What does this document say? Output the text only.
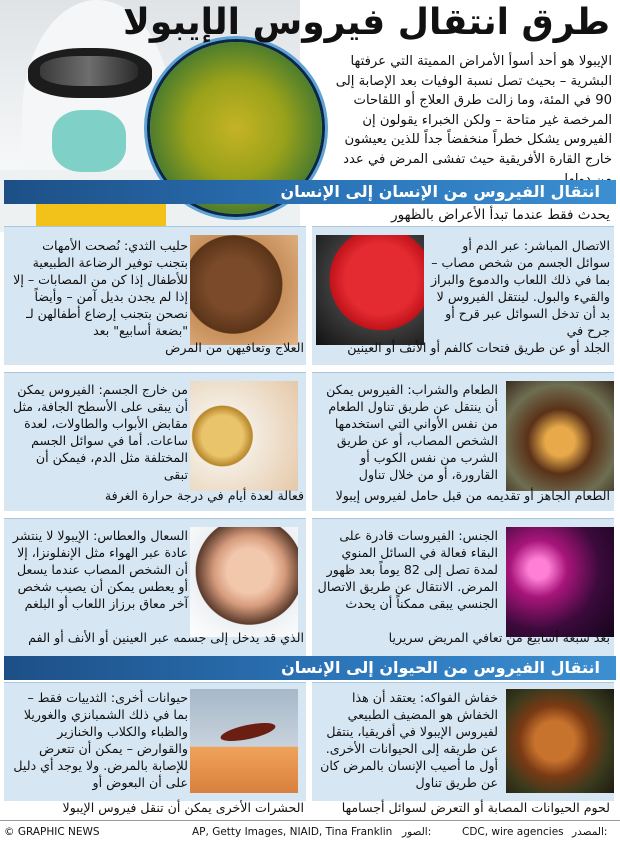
طرق انتقال فيروس الإيبولا
الإيبولا هو أحد أسوأ الأمراض المميتة التي عرفتها البشرية – بحيث تصل نسبة الوفيات بعد الإصابة إلى 90 في المئة، وما زالت طرق العلاج أو اللقاحات المرخصة غير متاحة – ولكن الخبراء يقولون إن الفيروس يشكل خطراً منخفضاً جداً للذين يعيشون خارج القارة الأفريقية حيث تفشى المرض في عدد
انتقال الفيروس من الإنسان إلى الإنسان
يحدث فقط عندما تبدأ الأعراض بالظهور
الاتصال المباشر: عبر الدم أو سوائل الجسم من شخص مصاب – بما في ذلك اللعاب والدموع والبراز والقيء والبول. لينتقل الفيروس لا بد أن تدخل السوائل عبر قرح أو جرح في
الجلد أو عن طريق فتحات كالفم أو الأنف أو العينين
حليب الثدي: نُصحت الأمهات بتجنب توفير الرضاعة الطبيعية للأطفال إذا كن من المصابات – إلا إذا لم يجدن بديل آمن – وأيضاً نصحن بتجنب إرضاع أطفالهن لـ "بضعة أسابيع" بعد
العلاج وتعافيهن من المرض
الطعام والشراب: الفيروس يمكن أن ينتقل عن طريق تناول الطعام من نفس الأواني التي استخدمها الشخص المصاب، أو عن طريق الشرب من نفس الكوب أو القارورة، أو من خلال تناول
الطعام الجاهز أو تقديمه من قبل حامل لفيروس إيبولا
من خارج الجسم: الفيروس يمكن أن يبقى على الأسطح الجافة، مثل مقابض الأبواب والطاولات، لعدة ساعات. أما في سوائل الجسم المختلفة مثل الدم، فيمكن أن تبقى
فعالة لعدة أيام في درجة حرارة الغرفة
الجنس: الفيروسات قادرة على البقاء فعالة في السائل المنوي لمدة تصل إلى 82 يوماً بعد ظهور المرض. الانتقال عن طريق الاتصال الجنسي يبقى ممكناً أن يحدث
بعد سبعة أسابيع من تعافي المريض سريريا
السعال والعطاس: الإيبولا لا ينتشر عادة عبر الهواء مثل الإنفلونزا، إلا أن الشخص المصاب عندما يسعل أو يعطس يمكن أن يصيب شخص آخر معاق برزاز اللعاب أو البلغم
الذي قد يدخل إلى جسمه عبر العينين أو الأنف أو الفم
انتقال الفيروس من الحيوان إلى الإنسان
خفاش الفواكه: يعتقد أن هذا الخفاش هو المضيف الطبيعي لفيروس الإيبولا في أفريقيا، ينتقل عن طريقه إلى الحيوانات الأخرى. أول ما أصيب الإنسان بالمرض كان عن طريق تناول
لحوم الحيوانات المصابة أو التعرض لسوائل أجسامها
حيوانات أخرى: الثدييات فقط – بما في ذلك الشمبانزي والغوريلا والظباء والكلاب والخنازير والقوارض – يمكن أن تتعرض للإصابة بالمرض. ولا يوجد أي دليل على أن البعوض أو
الحشرات الأخرى يمكن أن تنقل فيروس الإيبولا
© GRAPHIC NEWS	AP, Getty Images, NIAID, Tina Franklin الصور:	CDC, wire agencies المصدر:
